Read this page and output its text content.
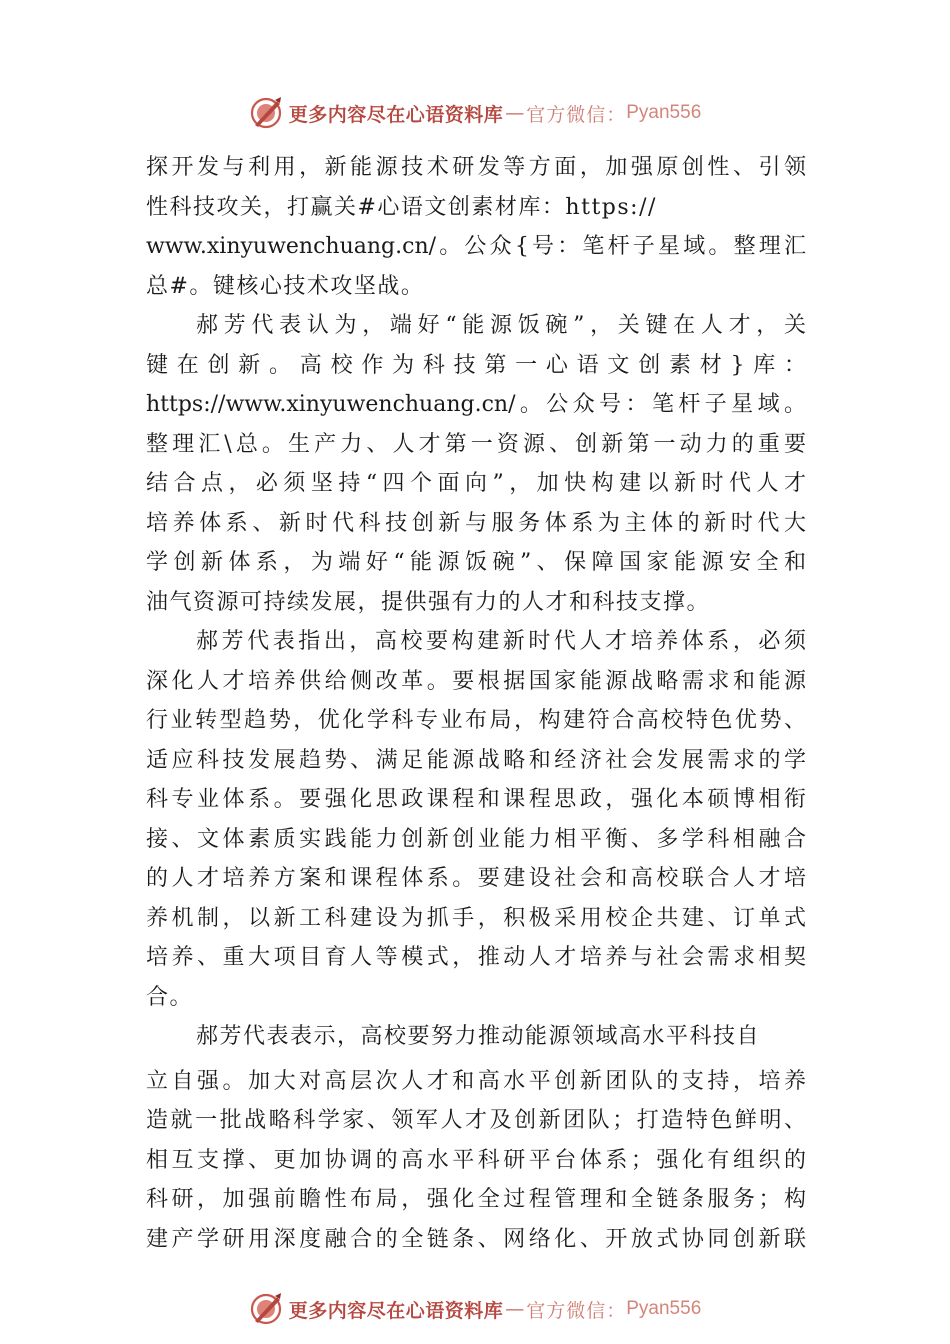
更多内容尽在心语资料库 — 官方微信： Pyan556
探开发与利用，新能源技术研发等方面，加强原创性、引领
性科技攻关，打赢关#心语文创素材库：https://
www.xinyuwenchuang.cn/。公众{号：笔杆子星域。整理汇
总#。键核心技术攻坚战。
郝芳代表认为，端好“能源饭碗”，关键在人才，关
键在创新。高校作为科技第一心语文创素材}库：
https://www.xinyuwenchuang.cn/。公众号：笔杆子星域。
整理汇\总。生产力、人才第一资源、创新第一动力的重要
结合点，必须坚持“四个面向”，加快构建以新时代人才
培养体系、新时代科技创新与服务体系为主体的新时代大
学创新体系，为端好“能源饭碗”、保障国家能源安全和
油气资源可持续发展，提供强有力的人才和科技支撑。
郝芳代表指出，高校要构建新时代人才培养体系，必须
深化人才培养供给侧改革。要根据国家能源战略需求和能源
行业转型趋势，优化学科专业布局，构建符合高校特色优势、
适应科技发展趋势、满足能源战略和经济社会发展需求的学
科专业体系。要强化思政课程和课程思政，强化本硕博相衔
接、文体素质实践能力创新创业能力相平衡、多学科相融合
的人才培养方案和课程体系。要建设社会和高校联合人才培
养机制，以新工科建设为抓手，积极采用校企共建、订单式
培养、重大项目育人等模式，推动人才培养与社会需求相契
合。
郝芳代表表示，高校要努力推动能源领域高水平科技自
立自强。加大对高层次人才和高水平创新团队的支持，培养
造就一批战略科学家、领军人才及创新团队；打造特色鲜明、
相互支撑、更加协调的高水平科研平台体系；强化有组织的
科研，加强前瞻性布局，强化全过程管理和全链条服务；构
建产学研用深度融合的全链条、网络化、开放式协同创新联
更多内容尽在心语资料库 — 官方微信： Pyan556
